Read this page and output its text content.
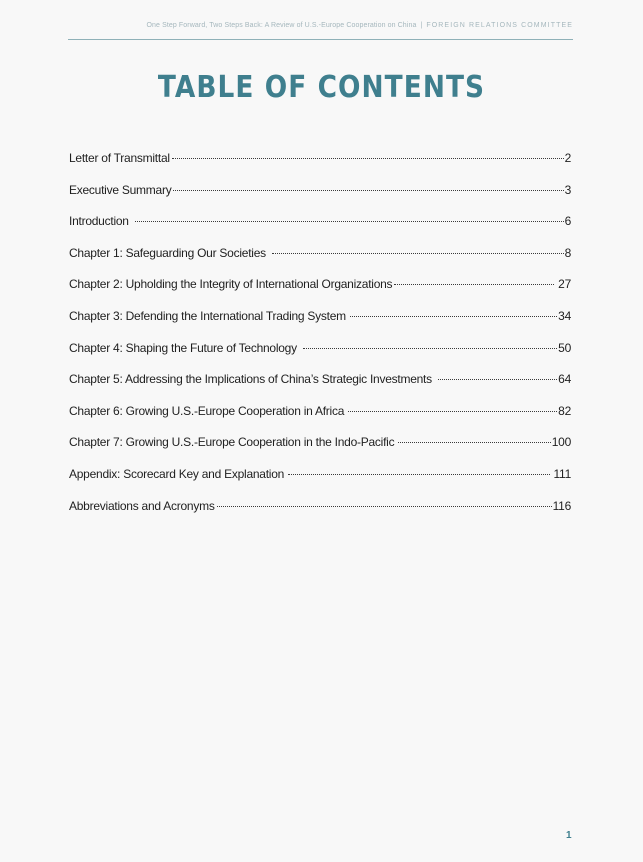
One Step Forward, Two Steps Back: A Review of U.S.-Europe Cooperation on China | FOREIGN RELATIONS COMMITTEE
TABLE OF CONTENTS
Letter of Transmittal	2
Executive Summary	3
Introduction	6
Chapter 1: Safeguarding Our Societies	8
Chapter 2: Upholding the Integrity of International Organizations	27
Chapter 3: Defending the International Trading System	34
Chapter 4: Shaping the Future of Technology	50
Chapter 5: Addressing the Implications of China’s Strategic Investments	64
Chapter 6: Growing U.S.-Europe Cooperation in Africa	82
Chapter 7: Growing U.S.-Europe Cooperation in the Indo-Pacific	100
Appendix: Scorecard Key and Explanation	111
Abbreviations and Acronyms	116
1
